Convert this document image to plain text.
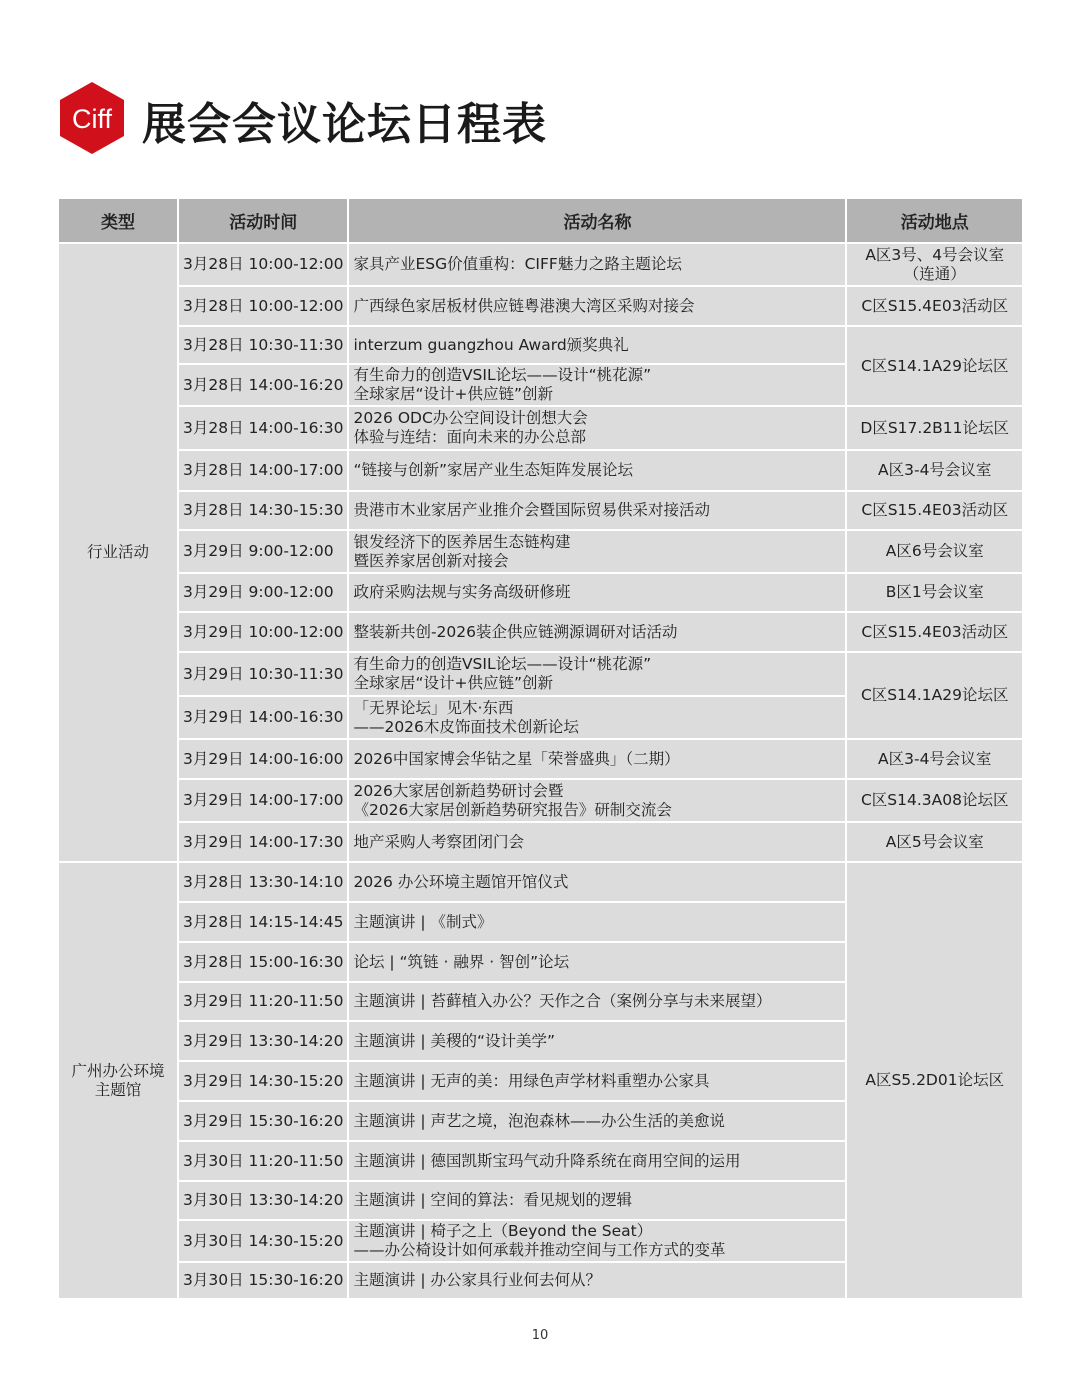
Ciff 展会会议论坛日程表
类型	活动时间	活动名称	活动地点
行业活动	3月28日 10:00-12:00	家具产业ESG价值重构：CIFF魅力之路主题论坛	A区3号、4号会议室（连通）
	3月28日 10:00-12:00	广西绿色家居板材供应链粤港澳大湾区采购对接会	C区S15.4E03活动区
	3月28日 10:30-11:30	interzum guangzhou Award颁奖典礼	C区S14.1A29论坛区
	3月28日 14:00-16:20	有生命力的创造VSIL论坛——设计“桃花源”
全球家居“设计+供应链”创新	

	3月28日 14:00-16:30	2026 ODC办公空间设计创想大会
体验与连结：面向未来的办公总部	D区S17.2B11论坛区
	3月28日 14:00-17:00	“链接与创新”家居产业生态矩阵发展论坛	A区3-4号会议室
	3月28日 14:30-15:30	贵港市木业家居产业推介会暨国际贸易供采对接活动	C区S15.4E03活动区
	3月29日 9:00-12:00	银发经济下的医养居生态链构建
暨医养家居创新对接会	A区6号会议室
	3月29日 9:00-12:00	政府采购法规与实务高级研修班	B区1号会议室
	3月29日 10:00-12:00	整装新共创-2026装企供应链溯源调研对话活动	C区S15.4E03活动区
	3月29日 10:30-11:30	有生命力的创造VSIL论坛——设计“桃花源”
全球家居“设计+供应链”创新	C区S14.1A29论坛区
	3月29日 14:00-16:30	「无界论坛」见木·东西
——2026木皮饰面技术创新论坛	

	3月29日 14:00-16:00	2026中国家博会华钻之星「荣誉盛典」（二期）	A区3-4号会议室
	3月29日 14:00-17:00	2026大家居创新趋势研讨会暨
《2026大家居创新趋势研究报告》研制交流会	C区S14.3A08论坛区
	3月29日 14:00-17:30	地产采购人考察团闭门会	A区5号会议室
广州办公环境主题馆	3月28日 13:30-14:10	2026 办公环境主题馆开馆仪式	A区S5.2D01论坛区
	3月28日 14:15-14:45	主题演讲 | 《制式》	

	3月28日 15:00-16:30	论坛 | “筑链 · 融界 · 智创”论坛	

	3月29日 11:20-11:50	主题演讲 | 苔藓植入办公？天作之合（案例分享与未来展望）	

	3月29日 13:30-14:20	主题演讲 | 美稷的“设计美学”	

	3月29日 14:30-15:20	主题演讲 | 无声的美：用绿色声学材料重塑办公家具	

	3月29日 15:30-16:20	主题演讲 | 声艺之境，泡泡森林——办公生活的美愈说	

	3月30日 11:20-11:50	主题演讲 | 德国凯斯宝玛气动升降系统在商用空间的运用	

	3月30日 13:30-14:20	主题演讲 | 空间的算法：看见规划的逻辑	

	3月30日 14:30-15:20	主题演讲 | 椅子之上（Beyond the Seat）
——办公椅设计如何承载并推动空间与工作方式的变革	

	3月30日 15:30-16:20	主题演讲 | 办公家具行业何去何从？	
10
